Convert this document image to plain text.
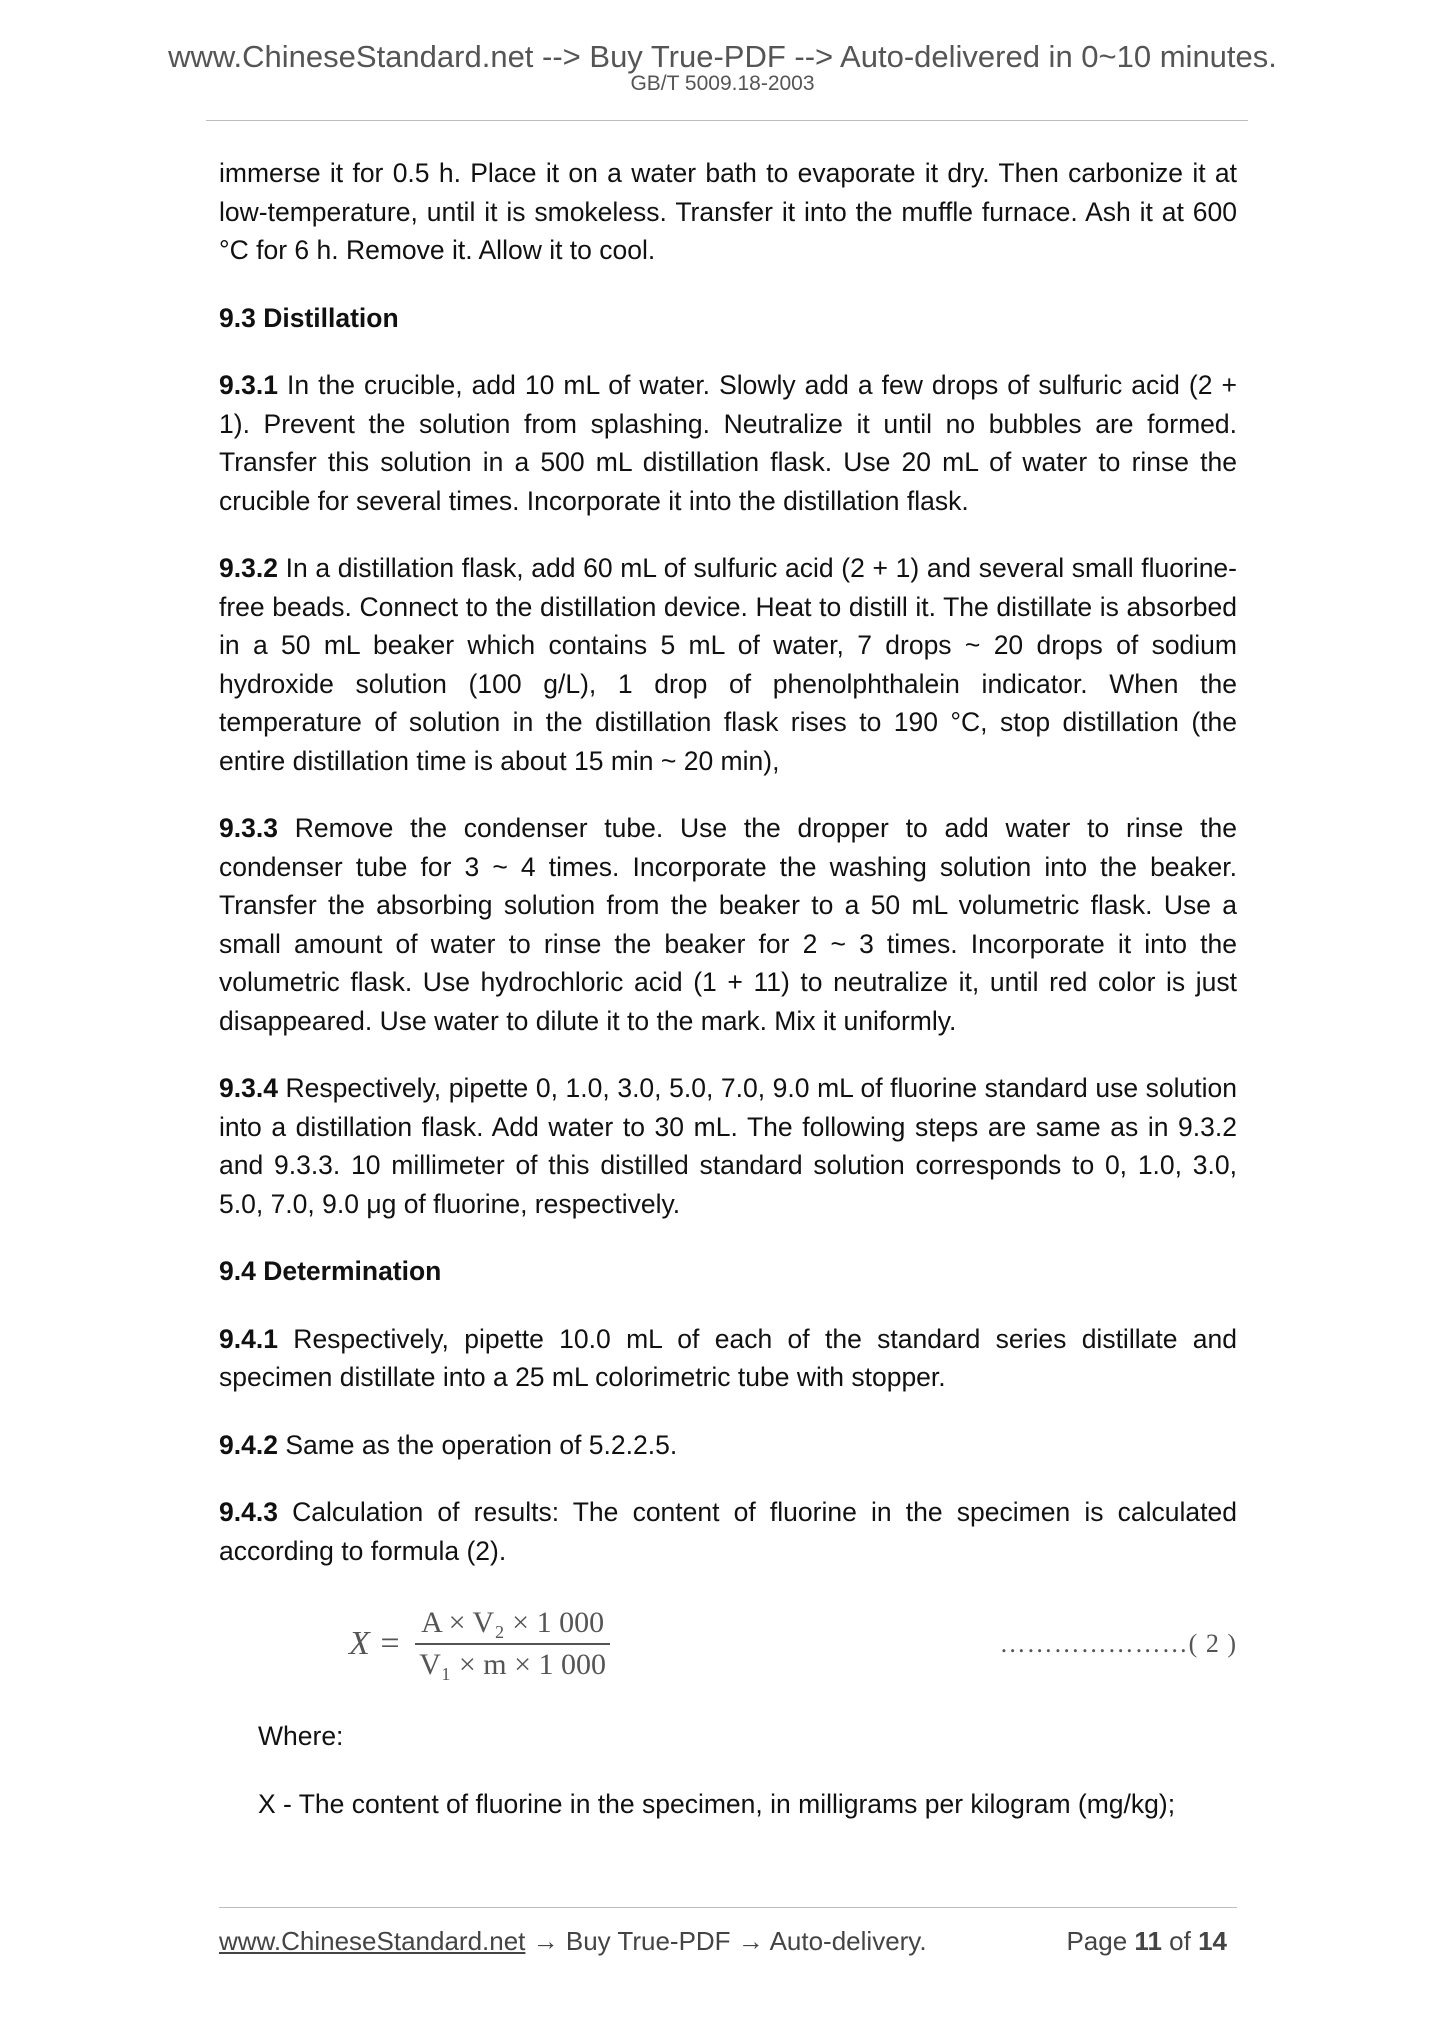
www.ChineseStandard.net --> Buy True-PDF --> Auto-delivered in 0~10 minutes.
GB/T 5009.18-2003

immerse it for 0.5 h. Place it on a water bath to evaporate it dry. Then carbonize it at low-temperature, until it is smokeless. Transfer it into the muffle furnace. Ash it at 600 °C for 6 h. Remove it. Allow it to cool.

9.3 Distillation

9.3.1 In the crucible, add 10 mL of water. Slowly add a few drops of sulfuric acid (2 + 1). Prevent the solution from splashing. Neutralize it until no bubbles are formed. Transfer this solution in a 500 mL distillation flask. Use 20 mL of water to rinse the crucible for several times. Incorporate it into the distillation flask.

9.3.2 In a distillation flask, add 60 mL of sulfuric acid (2 + 1) and several small fluorine-free beads. Connect to the distillation device. Heat to distill it. The distillate is absorbed in a 50 mL beaker which contains 5 mL of water, 7 drops ~ 20 drops of sodium hydroxide solution (100 g/L), 1 drop of phenolphthalein indicator. When the temperature of solution in the distillation flask rises to 190 °C, stop distillation (the entire distillation time is about 15 min ~ 20 min),

9.3.3 Remove the condenser tube. Use the dropper to add water to rinse the condenser tube for 3 ~ 4 times. Incorporate the washing solution into the beaker. Transfer the absorbing solution from the beaker to a 50 mL volumetric flask. Use a small amount of water to rinse the beaker for 2 ~ 3 times. Incorporate it into the volumetric flask. Use hydrochloric acid (1 + 11) to neutralize it, until red color is just disappeared. Use water to dilute it to the mark. Mix it uniformly.

9.3.4 Respectively, pipette 0, 1.0, 3.0, 5.0, 7.0, 9.0 mL of fluorine standard use solution into a distillation flask. Add water to 30 mL. The following steps are same as in 9.3.2 and 9.3.3. 10 millimeter of this distilled standard solution corresponds to 0, 1.0, 3.0, 5.0, 7.0, 9.0 μg of fluorine, respectively.

9.4 Determination

9.4.1 Respectively, pipette 10.0 mL of each of the standard series distillate and specimen distillate into a 25 mL colorimetric tube with stopper.

9.4.2 Same as the operation of 5.2.2.5.

9.4.3 Calculation of results: The content of fluorine in the specimen is calculated according to formula (2).

$X = \frac{\text{A × V₂ × 1 000}}{\text{V₁ × m × 1 000}}$	…………………( 2 )

Where:

X - The content of fluorine in the specimen, in milligrams per kilogram (mg/kg);

www.ChineseStandard.net → Buy True-PDF → Auto-delivery.	Page 11 of 14
